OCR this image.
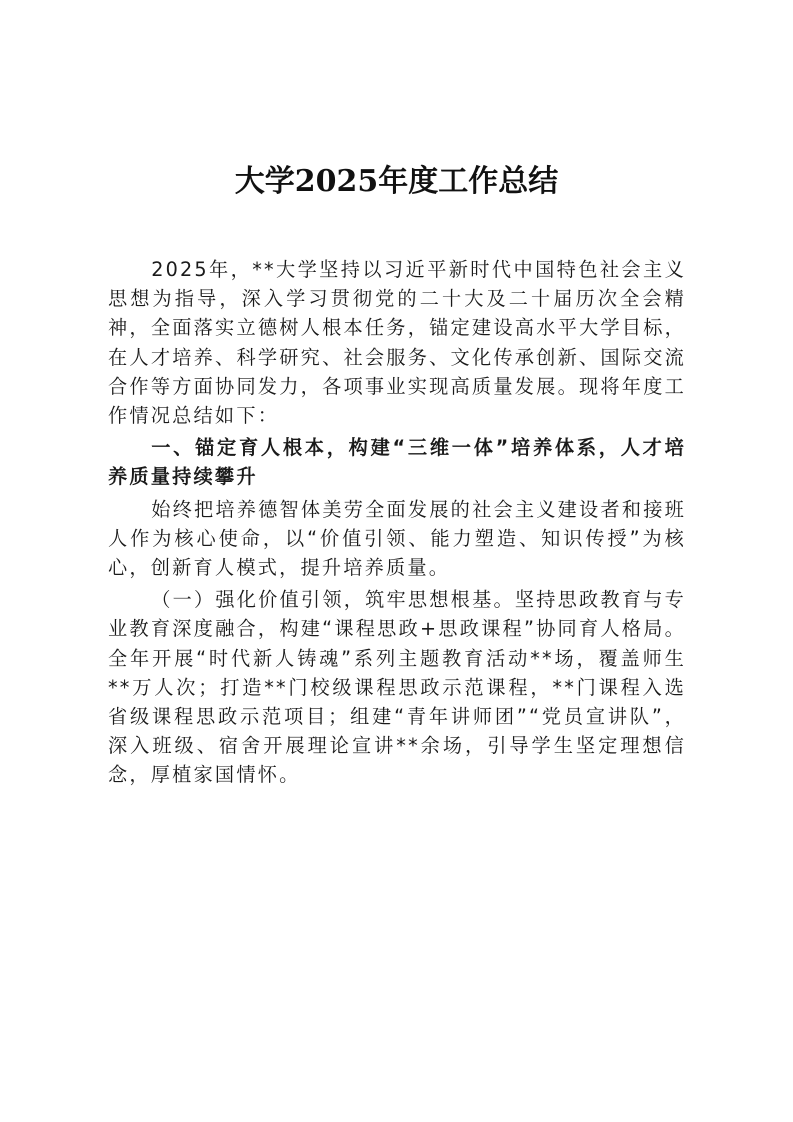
大学2025年度工作总结

2025年，**大学坚持以习近平新时代中国特色社会主义思想为指导，深入学习贯彻党的二十大及二十届历次全会精神，全面落实立德树人根本任务，锚定建设高水平大学目标，在人才培养、科学研究、社会服务、文化传承创新、国际交流合作等方面协同发力，各项事业实现高质量发展。现将年度工作情况总结如下：

一、锚定育人根本，构建“三维一体”培养体系，人才培养质量持续攀升

始终把培养德智体美劳全面发展的社会主义建设者和接班人作为核心使命，以“价值引领、能力塑造、知识传授”为核心，创新育人模式，提升培养质量。

（一）强化价值引领，筑牢思想根基。坚持思政教育与专业教育深度融合，构建“课程思政+思政课程”协同育人格局。全年开展“时代新人铸魂”系列主题教育活动**场，覆盖师生**万人次；打造**门校级课程思政示范课程，**门课程入选省级课程思政示范项目；组建“青年讲师团”“党员宣讲队”，深入班级、宿舍开展理论宣讲**余场，引导学生坚定理想信念，厚植家国情怀。
